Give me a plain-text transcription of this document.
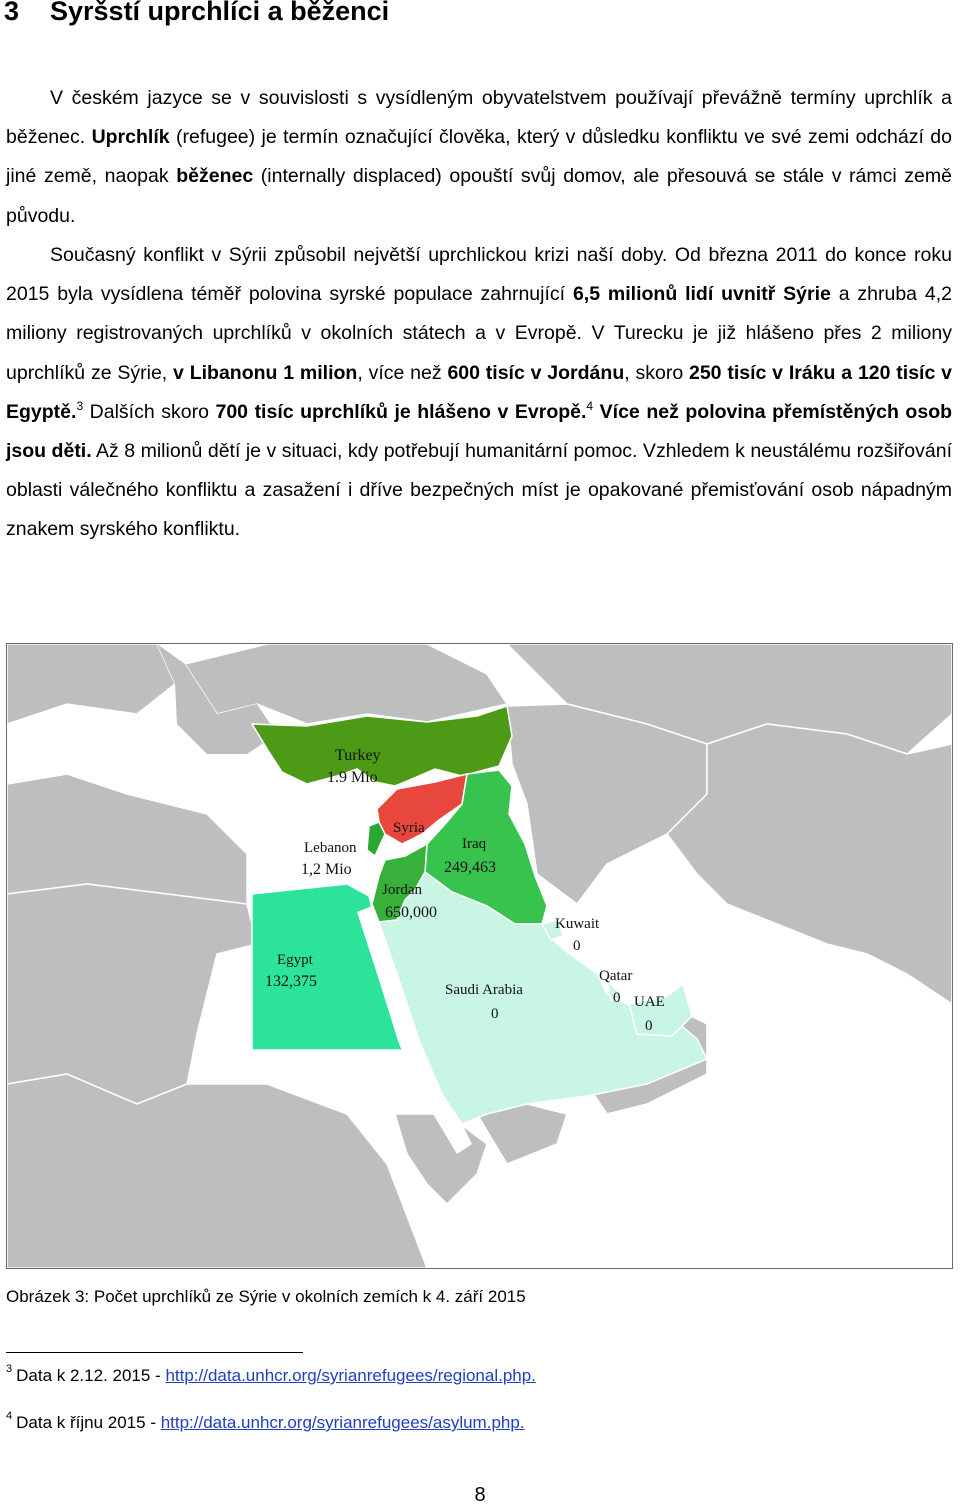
3 Syršstí uprchlíci a běženci

V českém jazyce se v souvislosti s vysídleným obyvatelstvem používají převážně termíny uprchlík a běženec. Uprchlík (refugee) je termín označující člověka, který v důsledku konfliktu ve své zemi odchází do jiné země, naopak běženec (internally displaced) opouští svůj domov, ale přesouvá se stále v rámci země původu.

Současný konflikt v Sýrii způsobil největší uprchlickou krizi naší doby. Od března 2011 do konce roku 2015 byla vysídlena téměř polovina syrské populace zahrnující 6,5 milionů lidí uvnitř Sýrie a zhruba 4,2 miliony registrovaných uprchlíků v okolních státech a v Evropě. V Turecku je již hlášeno přes 2 miliony uprchlíků ze Sýrie, v Libanonu 1 milion, více než 600 tisíc v Jordánu, skoro 250 tisíc v Iráku a 120 tisíc v Egyptě.$^3$ Dalších skoro 700 tisíc uprchlíků je hlášeno v Evropě.$^4$ Více než polovina přemístěných osob jsou děti. Až 8 milionů dětí je v situaci, kdy potřebují humanitární pomoc. Vzhledem k neustálému rozšiřování oblasti válečného konfliktu a zasažení i dříve bezpečných míst je opakované přemisťování osob nápadným znakem syrského konfliktu.

Turkey
1.9 Mio
Syria
Iraq
249,463
Lebanon
1,2 Mio
Jordan
650,000
Egypt
132,375	Saudi Arabia
0
Kuwait
0
Qatar
0 UAE
0
Obrázek 3: Počet uprchlíků ze Sýrie v okolních zemích k 4. září 2015
$^3$ Data k 2.12. 2015 - http://data.unhcr.org/syrianrefugees/regional.php.
$^4$ Data k říjnu 2015 - http://data.unhcr.org/syrianrefugees/asylum.php.
8
